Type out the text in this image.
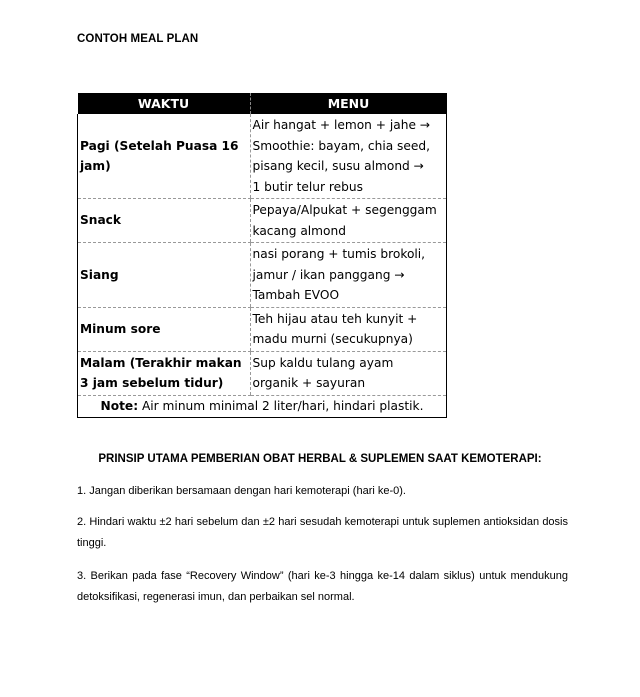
CONTOH MEAL PLAN
WAKTU	MENU
Pagi (Setelah Puasa 16
jam)	Air hangat + lemon + jahe →
Smoothie: bayam, chia seed,
pisang kecil, susu almond →
1 butir telur rebus
Snack	Pepaya/Alpukat + segenggam
kacang almond
Siang	nasi porang + tumis brokoli,
jamur / ikan panggang →
Tambah EVOO
Minum sore	Teh hijau atau teh kunyit +
madu murni (secukupnya)
Malam (Terakhir makan
3 jam sebelum tidur)	Sup kaldu tulang ayam
organik + sayuran
Note: Air minum minimal 2 liter/hari, hindari plastik.	
PRINSIP UTAMA PEMBERIAN OBAT HERBAL & SUPLEMEN SAAT KEMOTERAPI:
1. Jangan diberikan bersamaan dengan hari kemoterapi (hari ke-0).
2. Hindari waktu ±2 hari sebelum dan ±2 hari sesudah kemoterapi untuk suplemen antioksidan dosis tinggi.
3. Berikan pada fase “Recovery Window” (hari ke-3 hingga ke-14 dalam siklus) untuk mendukung detoksifikasi, regenerasi imun, dan perbaikan sel normal.
